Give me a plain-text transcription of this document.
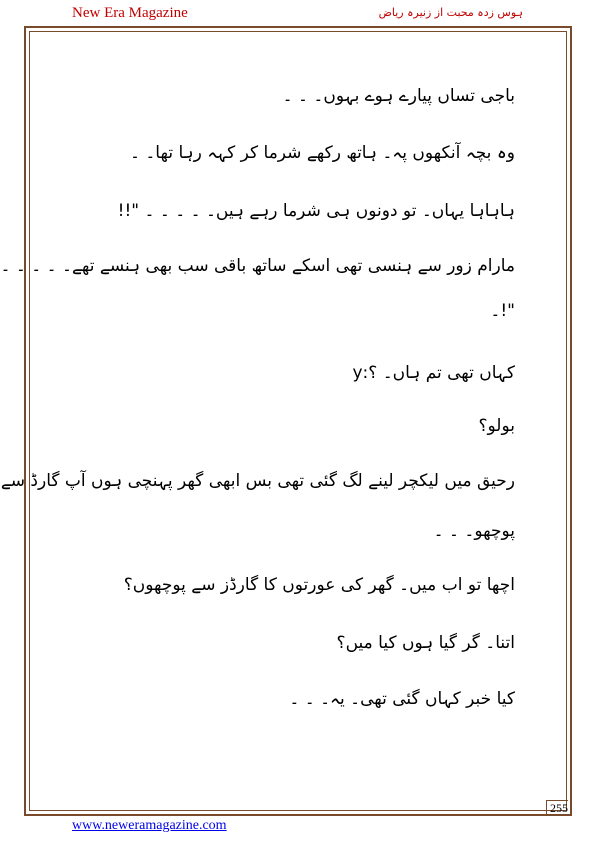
New Era Magazine	ہوس زدہ محبت از زنیرہ ریاض
باجی تساں پیارے ہوے بہوں۔ ۔ ۔
وہ بچہ آنکھوں پہ۔ ہاتھ رکھے شرما کر کہہ رہا تھا۔ ۔
ہاہاہا یہاں۔ تو دونوں ہی شرما رہے ہیں۔ ۔ ۔ ۔ ۔ "!!
مارام زور سے ہنسی تھی اسکے ساتھ باقی سب بھی ہنسے تھے۔ ۔ ۔ ۔ ۔
"!۔
کہاں تھی تم ہاں۔ ؟:y
بولو؟
رحیق میں لیکچر لینے لگ گئی تھی بس ابھی گھر پہنچی ہوں آپ گارڈ سے
پوچھو۔ ۔ ۔
اچھا تو اب میں۔ گھر کی عورتوں کا گارڈز سے پوچھوں؟
اتنا۔ گر گیا ہوں کیا میں؟
کیا خبر کہاں گئی تھی۔ یہ۔ ۔ ۔
255
www.neweramagazine.com
